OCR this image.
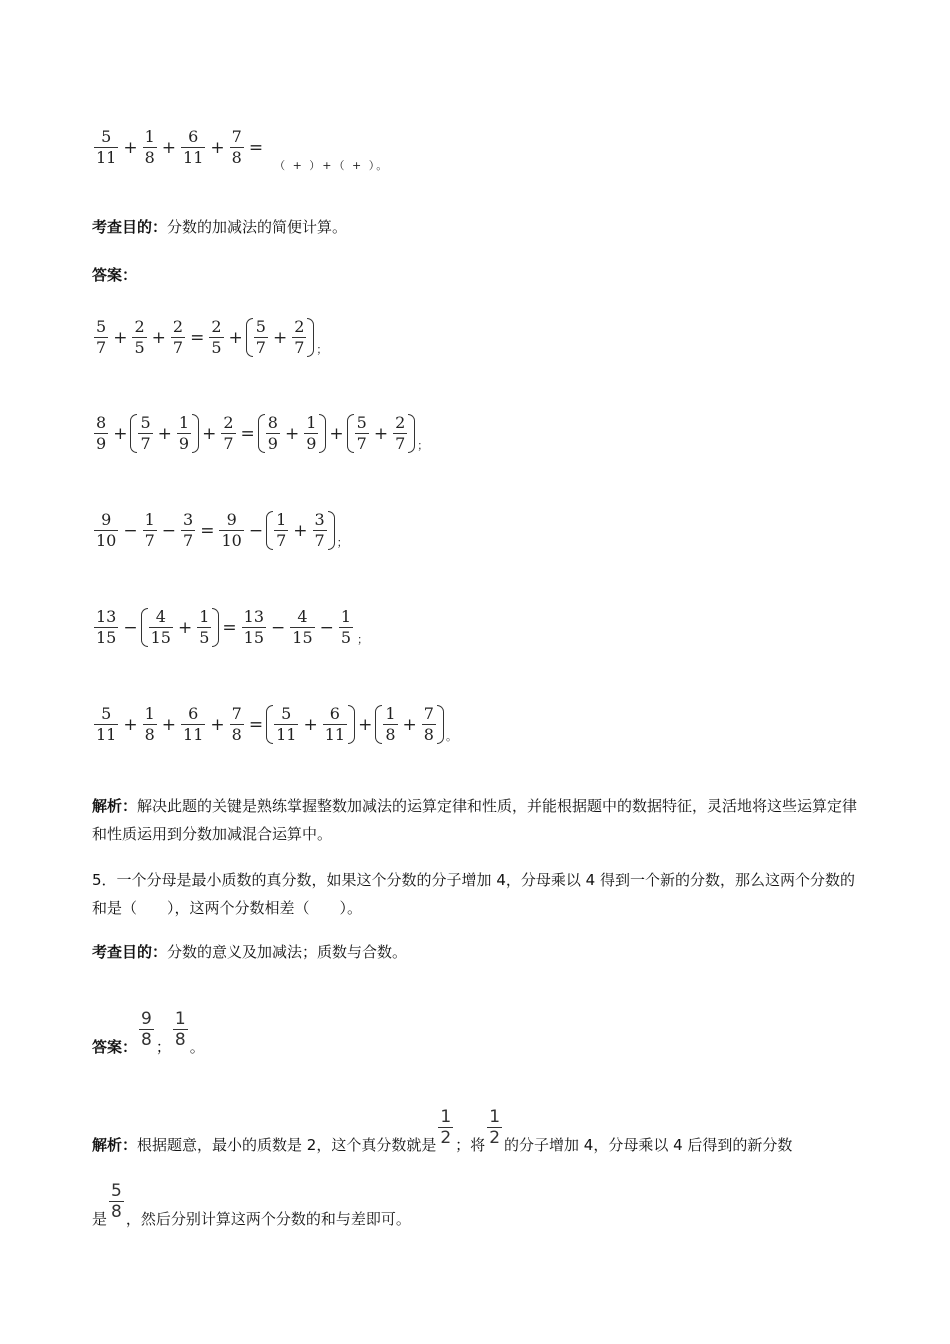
$\frac{5}{11} + \frac{1}{8} + \frac{6}{11} + \frac{7}{8}$ =
（ + ）+（ + ）。
考查目的：分数的加减法的简便计算。
答案：
$\frac{5}{7} + \frac{2}{5} + \frac{2}{7} = \frac{2}{5} + \frac{5}{7} + \frac{2}{7}$ ；
$\frac{8}{9} + \frac{5}{7} + \frac{1}{9} + \frac{2}{7} = \frac{8}{9} + \frac{1}{9} + \frac{5}{7} + \frac{2}{7}$ ；
$\frac{9}{10} - \frac{1}{7} - \frac{3}{7} = \frac{9}{10} - \frac{1}{7} + \frac{3}{7}$ ；
$\frac{13}{15} - \frac{4}{15} + \frac{1}{5} = \frac{13}{15} - \frac{4}{15} - \frac{1}{5}$ ；
$\frac{5}{11} + \frac{1}{8} + \frac{6}{11} + \frac{7}{8} = \frac{5}{11} + \frac{6}{11} + \frac{1}{8} + \frac{7}{8}$ 。
解析：解决此题的关键是熟练掌握整数加减法的运算定律和性质，并能根据题中的数据特征，灵活地将这些运算定律和性质运用到分数加减混合运算中。
5．一个分母是最小质数的真分数，如果这个分数的分子增加 4，分母乘以 4 得到一个新的分数，那么这两个分数的和是（　　），这两个分数相差（　　）。
考查目的：分数的意义及加减法；质数与合数。
答案： $\frac{9}{8}$ ； $\frac{1}{8}$ 。
解析：根据题意，最小的质数是 2，这个真分数就是 $\frac{1}{2}$ ；将 $\frac{1}{2}$ 的分子增加 4，分母乘以 4 后得到的新分数
是 $\frac{5}{8}$ ，然后分别计算这两个分数的和与差即可。
